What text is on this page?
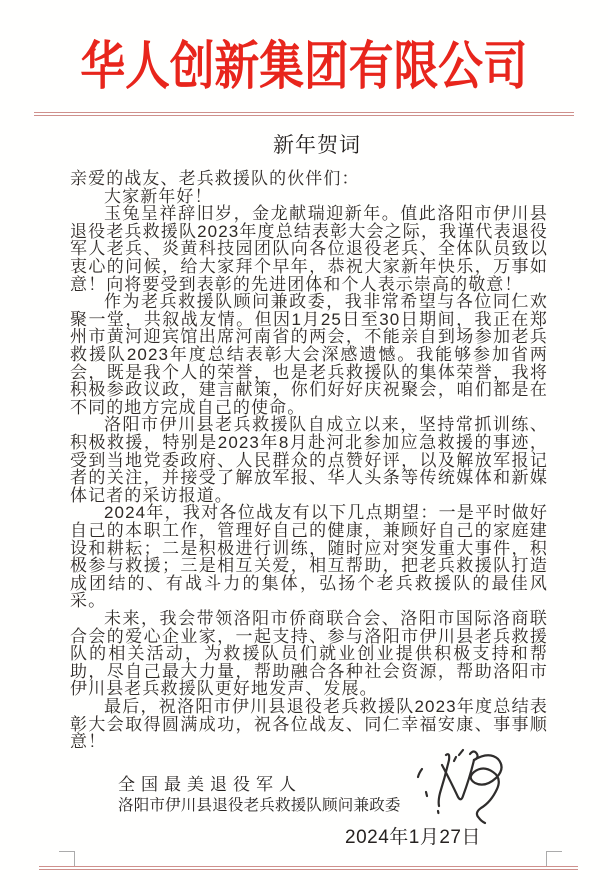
华人创新集团有限公司
新年贺词

亲爱的战友、老兵救援队的伙伴们：

大家新年好！

玉兔呈祥辞旧岁，金龙献瑞迎新年。值此洛阳市伊川县退役老兵救援队2023年度总结表彰大会之际，我谨代表退役军人老兵、炎黄科技园团队向各位退役老兵、全体队员致以衷心的问候，给大家拜个早年，恭祝大家新年快乐，万事如意！向将要受到表彰的先进团体和个人表示崇高的敬意！

作为老兵救援队顾问兼政委，我非常希望与各位同仁欢聚一堂，共叙战友情。但因1月25日至30日期间，我正在郑州市黄河迎宾馆出席河南省的两会，不能亲自到场参加老兵救援队2023年度总结表彰大会深感遗憾。我能够参加省两会，既是我个人的荣誉，也是老兵救援队的集体荣誉，我将积极参政议政，建言献策，你们好好庆祝聚会，咱们都是在不同的地方完成自己的使命。

洛阳市伊川县老兵救援队自成立以来，坚持常抓训练、积极救援，特别是2023年8月赴河北参加应急救援的事迹，受到当地党委政府、人民群众的点赞好评，以及解放军报记者的关注，并接受了解放军报、华人头条等传统媒体和新媒体记者的采访报道。

2024年，我对各位战友有以下几点期望：一是平时做好自己的本职工作，管理好自己的健康，兼顾好自己的家庭建设和耕耘；二是积极进行训练，随时应对突发重大事件，积极参与救援；三是相互关爱，相互帮助，把老兵救援队打造成团结的、有战斗力的集体，弘扬个老兵救援队的最佳风采。

未来，我会带领洛阳市侨商联合会、洛阳市国际洛商联合会的爱心企业家，一起支持、参与洛阳市伊川县老兵救援队的相关活动，为救援队员们就业创业提供积极支持和帮助，尽自己最大力量，帮助融合各种社会资源，帮助洛阳市伊川县老兵救援队更好地发声、发展。

最后，祝洛阳市伊川县退役老兵救援队2023年度总结表彰大会取得圆满成功，祝各位战友、同仁幸福安康、事事顺意！

全国最美退役军人
洛阳市伊川县退役老兵救援队顾问兼政委
2024年1月27日
